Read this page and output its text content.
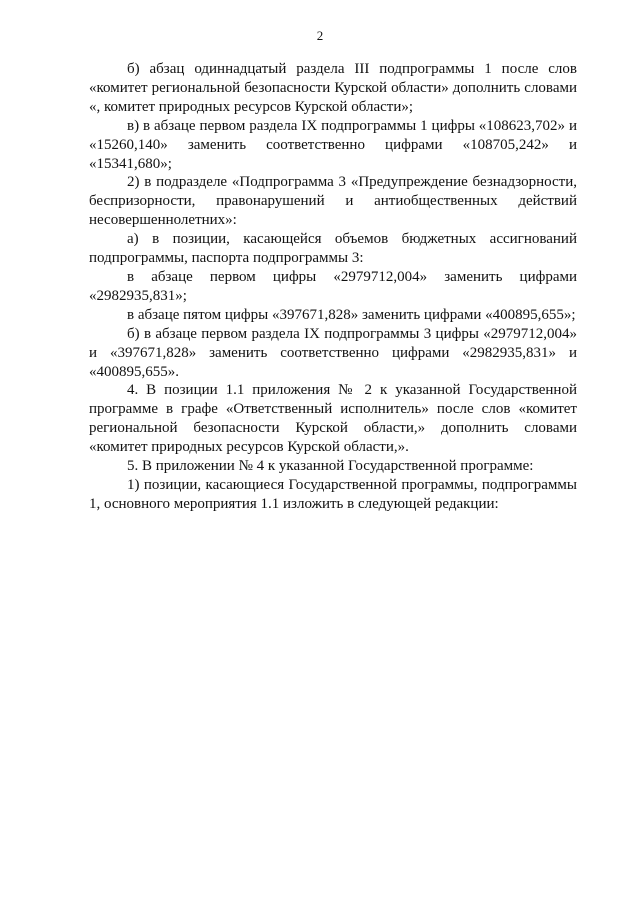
2

б) абзац одиннадцатый раздела III подпрограммы 1 после слов «комитет региональной безопасности Курской области» дополнить словами «, комитет природных ресурсов Курской области»;

в) в абзаце первом раздела IX подпрограммы 1 цифры «108623,702» и «15260,140» заменить соответственно цифрами «108705,242» и «15341,680»;

2) в подразделе «Подпрограмма 3 «Предупреждение безнадзорности, беспризорности, правонарушений и антиобщественных действий несовершеннолетних»:

а) в позиции, касающейся объемов бюджетных ассигнований подпрограммы, паспорта подпрограммы 3:

в абзаце первом цифры «2979712,004» заменить цифрами «2982935,831»;

в абзаце пятом цифры «397671,828» заменить цифрами «400895,655»;

б) в абзаце первом раздела IX подпрограммы 3 цифры «2979712,004» и «397671,828» заменить соответственно цифрами «2982935,831» и «400895,655».

4. В позиции 1.1 приложения № 2 к указанной Государственной программе в графе «Ответственный исполнитель» после слов «комитет региональной безопасности Курской области,» дополнить словами «комитет природных ресурсов Курской области,».

5. В приложении № 4 к указанной Государственной программе:

1) позиции, касающиеся Государственной программы, подпрограммы 1, основного мероприятия 1.1 изложить в следующей редакции:
